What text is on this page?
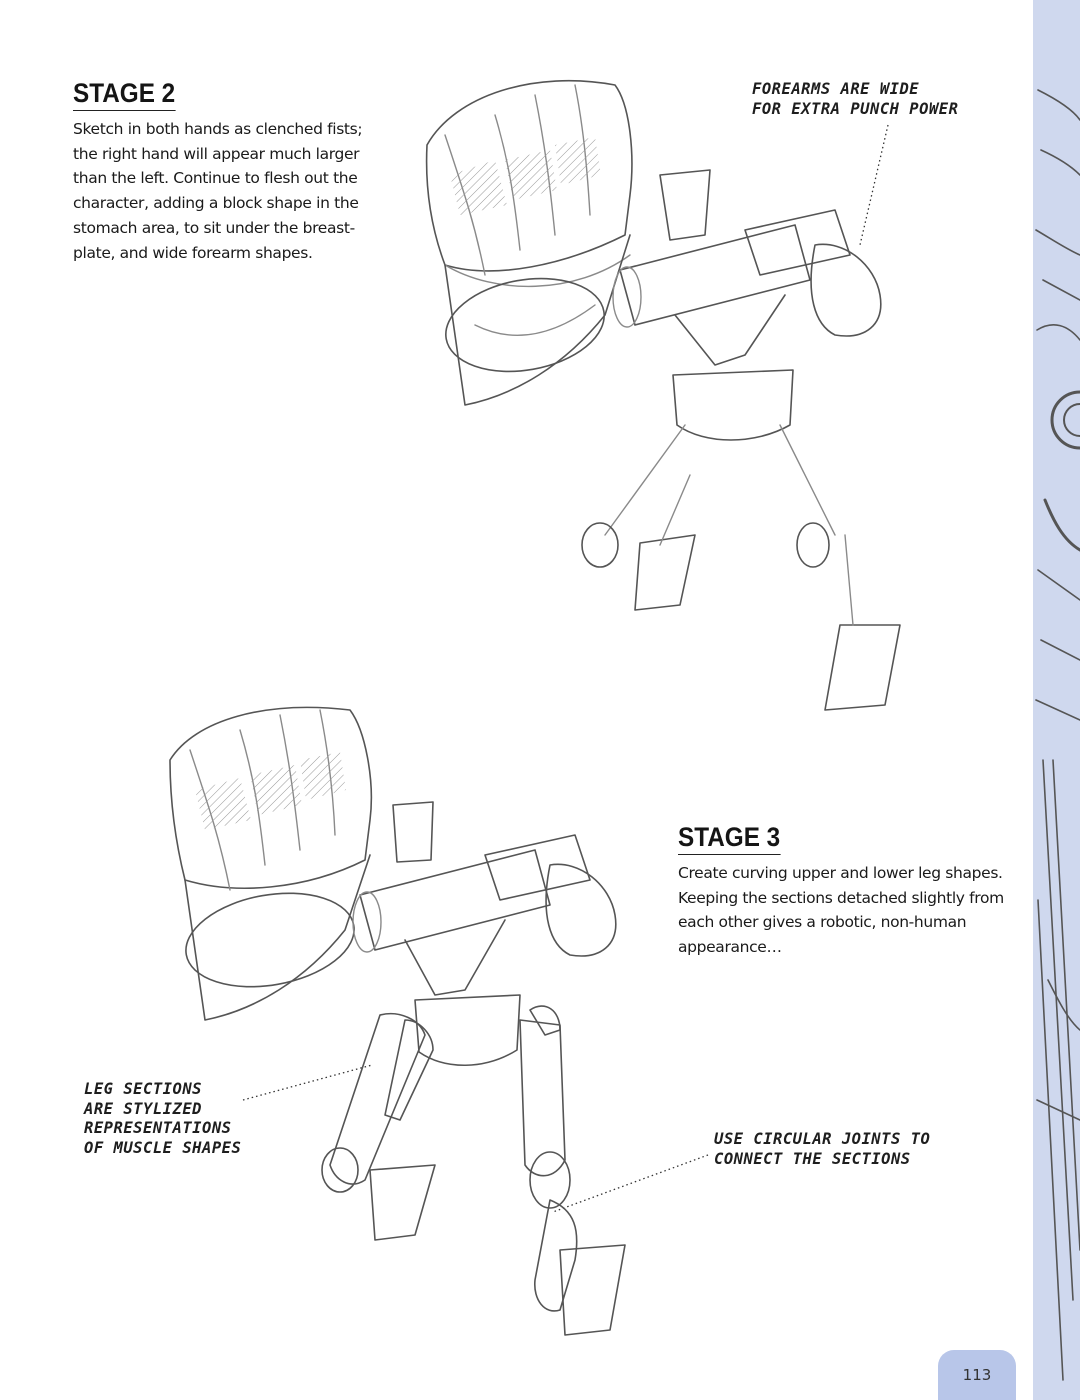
STAGE 2

Sketch in both hands as clenched fists; the right hand will appear much larger than the left. Continue to flesh out the character, adding a block shape in the stomach area, to sit under the breast-plate, and wide forearm shapes.

STAGE 3

Create curving upper and lower leg shapes. Keeping the sections detached slightly from each other gives a robotic, non-human appearance…

FOREARMS ARE WIDE
FOR EXTRA PUNCH POWER
LEG SECTIONS
ARE STYLIZED
REPRESENTATIONS
OF MUSCLE SHAPES	USE CIRCULAR JOINTS TO
CONNECT THE SECTIONS
113
